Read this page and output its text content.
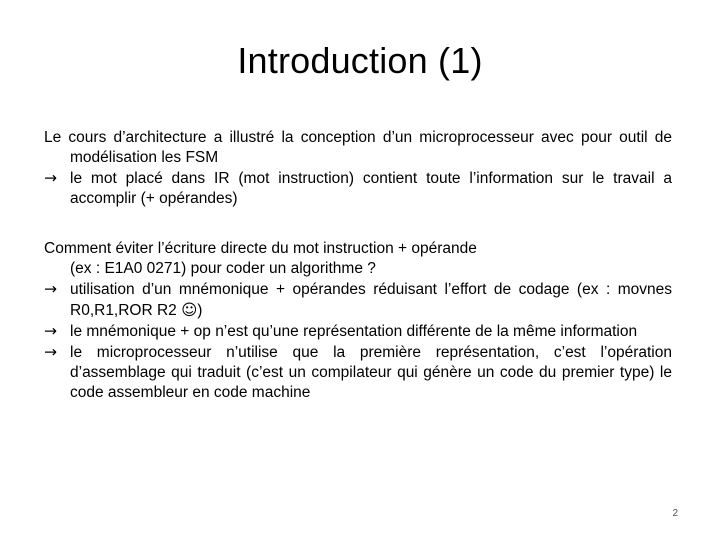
Introduction (1)

Le cours d’architecture a illustré la conception d’un microprocesseur avec pour outil de modélisation les FSM

→ le mot placé dans IR (mot instruction) contient toute l’information sur le travail a accomplir (+ opérandes)

Comment éviter l’écriture directe du mot instruction + opérande

(ex : E1A0 0271) pour coder un algorithme ?

→ utilisation d’un mnémonique + opérandes réduisant l’effort de codage (ex : movnes R0,R1,ROR R2 ☺)

→ le mnémonique + op n’est qu’une représentation différente de la même information

→ le microprocesseur n’utilise que la première représentation, c’est l’opération d’assemblage qui traduit (c’est un compilateur qui génère un code du premier type) le code assembleur en code machine

2
